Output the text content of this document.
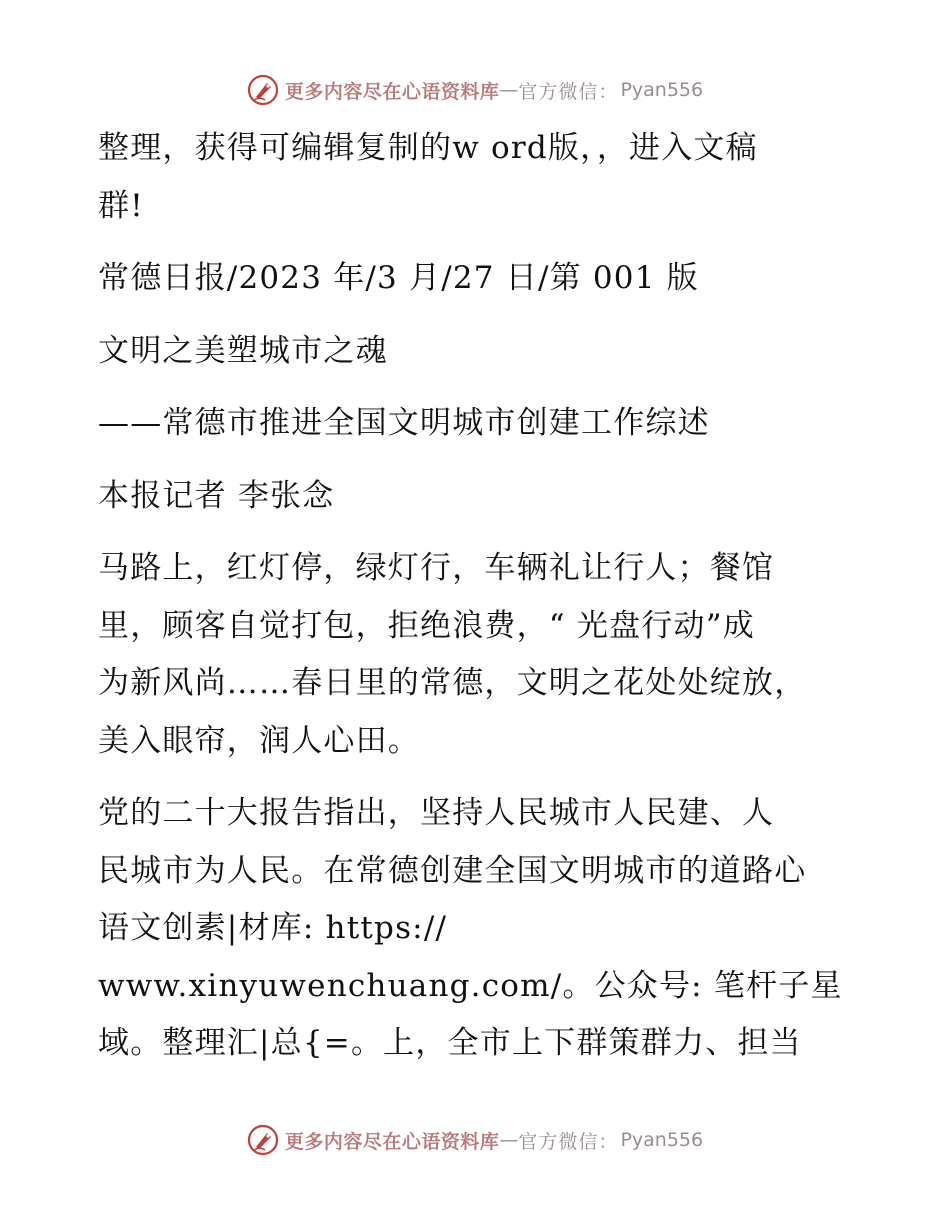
更多内容尽在心语资料库 — 官方微信： Pyan556
整理，获得可编辑复制的w ord版，，进入文稿
群!
常德日报/2023 年/3 月/27 日/第 001 版
文明之美塑城市之魂
——常德市推进全国文明城市创建工作综述
本报记者 李张念
马路上，红灯停，绿灯行，车辆礼让行人；餐馆
里，顾客自觉打包，拒绝浪费，“ 光盘行动”成
为新风尚……春日里的常德，文明之花处处绽放，
美入眼帘，润人心田。
党的二十大报告指出，坚持人民城市人民建、人
民城市为人民。在常德创建全国文明城市的道路心
语文创素|材库: https://
www.xinyuwenchuang.com/。公众号: 笔杆子星
域。整理汇|总{=。上，全市上下群策群力、担当
更多内容尽在心语资料库 — 官方微信： Pyan556
